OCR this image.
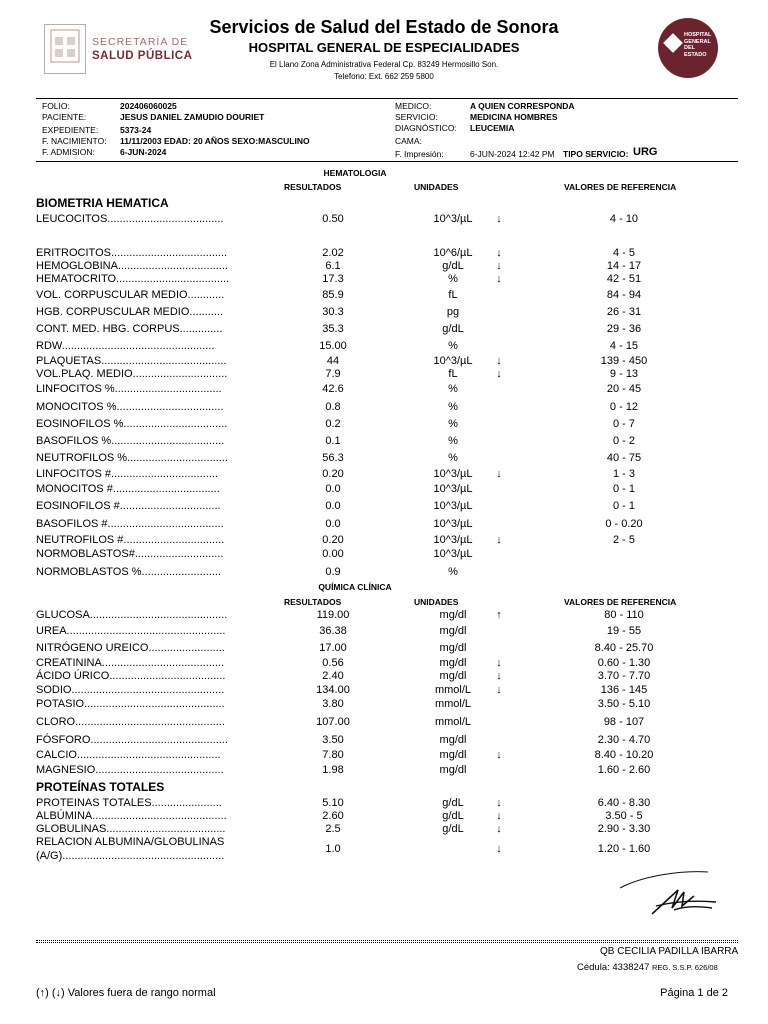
SECRETARÍA DE
SALUD PÚBLICA
Servicios de Salud del Estado de Sonora
HOSPITAL GENERAL DE ESPECIALIDADES
El Llano Zona Administrativa Federal Cp. 83249 Hermosillo Son.
Telefono: Ext. 662 259 5800
HOSPITAL GENERAL DEL ESTADO
FOLIO:	202406060025
PACIENTE:	JESUS DANIEL ZAMUDIO DOURIET
EXPEDIENTE:	5373-24
F. NACIMIENTO: 11/11/2003 EDAD: 20 AÑOS SEXO:MASCULINO
F. ADMISION:	6-JUN-2024
MEDICO:	A QUIEN CORRESPONDA
SERVICIO:	MEDICINA HOMBRES
DIAGNÓSTICO: LEUCEMIA
CAMA:
F. Impresión:	6-JUN-2024 12:42 PM TIPO SERVICIO: URG
HEMATOLOGIA
RESULTADOS	UNIDADES	VALORES DE REFERENCIA
BIOMETRIA HEMATICA
LEUCOCITOS......................................	0.50	10^3/µL	↓	4 - 10
ERITROCITOS......................................	2.02	10^6/µL	↓	4 - 5
HEMOGLOBINA....................................	6.1	g/dL	↓	14 - 17
HEMATOCRITO.....................................	17.3	%	↓	42 - 51
VOL. CORPUSCULAR MEDIO............	85.9	fL	84 - 94
HGB. CORPUSCULAR MEDIO...........	30.3	pg	26 - 31
CONT. MED. HBG. CORPUS..............	35.3	g/dL	29 - 36
RDW..................................................	15.00	%	4 - 15
PLAQUETAS.........................................	44	10^3/µL	↓	139 - 450
VOL.PLAQ. MEDIO...............................	7.9	fL	↓	9 - 13
LINFOCITOS %...................................	42.6	%	20 - 45
MONOCITOS %...................................	0.8	%	0 - 12
EOSINOFILOS %..................................	0.2	%	0 - 7
BASOFILOS %.....................................	0.1	%	0 - 2
NEUTROFILOS %.................................	56.3	%	40 - 75
LINFOCITOS #...................................	0.20	10^3/µL	↓	1 - 3
MONOCITOS #...................................	0.0	10^3/µL	0 - 1
EOSINOFILOS #.................................	0.0	10^3/µL	0 - 1
BASOFILOS #......................................	0.0	10^3/µL	0 - 0.20
NEUTROFILOS #.................................	0.20	10^3/µL	↓	2 - 5
NORMOBLASTOS#.............................	0.00	10^3/µL
NORMOBLASTOS %..........................	0.9	%
QUÍMICA CLÍNICA
RESULTADOS	UNIDADES	VALORES DE REFERENCIA
GLUCOSA.............................................	119.00	mg/dl	↑	80 - 110
UREA....................................................	36.38	mg/dl	19 - 55
NITRÓGENO UREICO.........................	17.00	mg/dl	8.40 - 25.70
CREATININA........................................	0.56	mg/dl	↓	0.60 - 1.30
ÁCIDO ÚRICO......................................	2.40	mg/dl	↓	3.70 - 7.70
SODIO..................................................	134.00	mmol/L	↓	136 - 145
POTASIO..............................................	3.80	mmol/L	3.50 - 5.10
CLORO.................................................	107.00	mmol/L	98 - 107
FÓSFORO.............................................	3.50	mg/dl	2.30 - 4.70
CALCIO...............................................	7.80	mg/dl	↓	8.40 - 10.20
MAGNESIO..........................................	1.98	mg/dl	1.60 - 2.60
PROTEÍNAS TOTALES
PROTEINAS TOTALES.......................	5.10	g/dL	↓	6.40 - 8.30
ALBÚMINA............................................	2.60	g/dL	↓	3.50 - 5
GLOBULINAS.......................................	2.5	g/dL	↓	2.90 - 3.30
RELACION ALBUMINA/GLOBULINAS
(A/G).....................................................
1.0	↓	1.20 - 1.60
QB CECILIA PADILLA IBARRA
Cédula: 4338247 REG. S.S.P. 626/08
(↑) (↓) Valores fuera de rango normal	Página 1 de 2
